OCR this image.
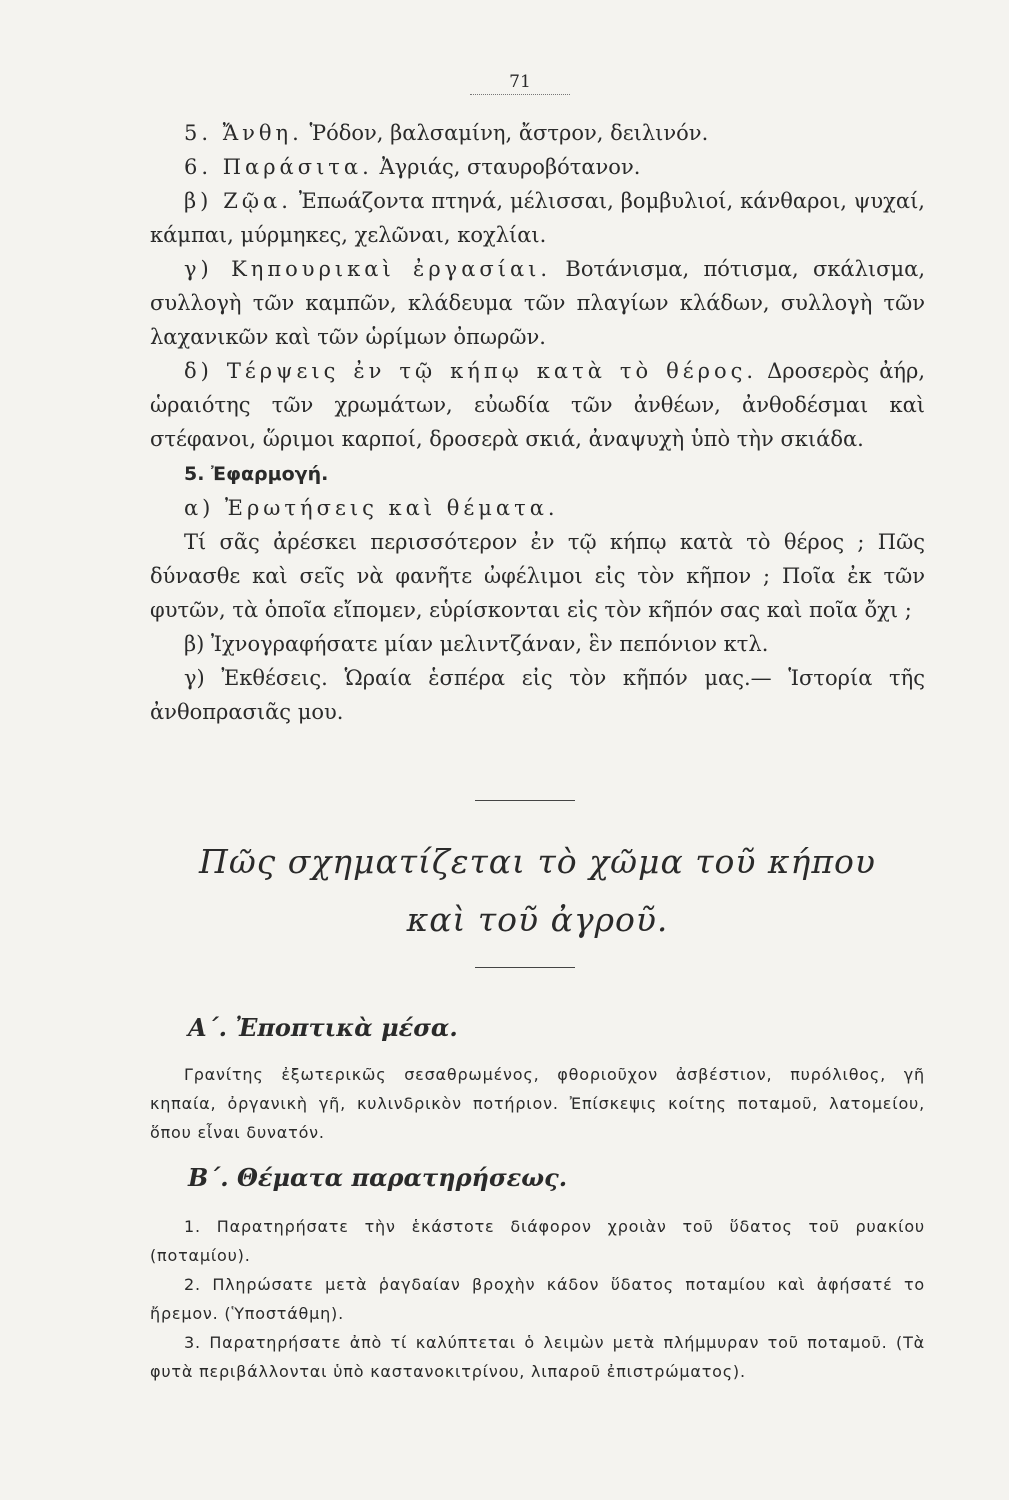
71

5. Ἄνθη. Ῥόδον, βαλσαμίνη, ἄστρον, δειλινόν.

6. Παράσιτα. Ἀγριάς, σταυροβότανον.

β) Ζῷα. Ἐπωάζοντα πτηνά, μέλισσαι, βομβυλιοί, κάνθαροι, ψυχαί, κάμπαι, μύρμηκες, χελῶναι, κοχλίαι.

γ) Κηπουρικαὶ ἐργασίαι. Βοτάνισμα, πότισμα, σκάλισμα, συλλογὴ τῶν καμπῶν, κλάδευμα τῶν πλαγίων κλάδων, συλλογὴ τῶν λαχανικῶν καὶ τῶν ὡρίμων ὀπωρῶν.

δ) Τέρψεις ἐν τῷ κήπῳ κατὰ τὸ θέρος. Δροσερὸς ἀήρ, ὡραιότης τῶν χρωμάτων, εὐωδία τῶν ἀνθέων, ἀνθοδέσμαι καὶ στέφανοι, ὥριμοι καρποί, δροσερὰ σκιά, ἀναψυχὴ ὑπὸ τὴν σκιάδα.

5. Ἐφαρμογή.

α) Ἐρωτήσεις καὶ θέματα.

Τί σᾶς ἀρέσκει περισσότερον ἐν τῷ κήπῳ κατὰ τὸ θέρος ; Πῶς δύνασθε καὶ σεῖς νὰ φανῆτε ὠφέλιμοι εἰς τὸν κῆπον ; Ποῖα ἐκ τῶν φυτῶν, τὰ ὁποῖα εἴπομεν, εὑρίσκονται εἰς τὸν κῆπόν σας καὶ ποῖα ὄχι ;

β) Ἰχνογραφήσατε μίαν μελιντζάναν, ἓν πεπόνιον κτλ.

γ) Ἐκθέσεις. Ὡραία ἑσπέρα εἰς τὸν κῆπόν μας.— Ἱστορία τῆς ἀνθοπρασιᾶς μου.

Πῶς σχηματίζεται τὸ χῶμα τοῦ κήπου
καὶ τοῦ ἀγροῦ.
Α΄. Ἐποπτικὰ μέσα.

Γρανίτης ἐξωτερικῶς σεσαθρωμένος, φθοριοῦχον ἀσβέστιον, πυρόλιθος, γῆ κηπαία, ὀργανικὴ γῆ, κυλινδρικὸν ποτήριον. Ἐπίσκεψις κοίτης ποταμοῦ, λατομείου, ὅπου εἶναι δυνατόν.

Β΄. Θέματα παρατηρήσεως.

1. Παρατηρήσατε τὴν ἑκάστοτε διάφορον χροιὰν τοῦ ὕδατος τοῦ ρυακίου (ποταμίου).

2. Πληρώσατε μετὰ ῥαγδαίαν βροχὴν κάδον ὕδατος ποταμίου καὶ ἀφήσατέ το ἤρεμον. (Ὑποστάθμη).

3. Παρατηρήσατε ἀπὸ τί καλύπτεται ὁ λειμὼν μετὰ πλήμμυραν τοῦ ποταμοῦ. (Τὰ φυτὰ περιβάλλονται ὑπὸ καστανοκιτρίνου, λιπαροῦ ἐπιστρώματος).
